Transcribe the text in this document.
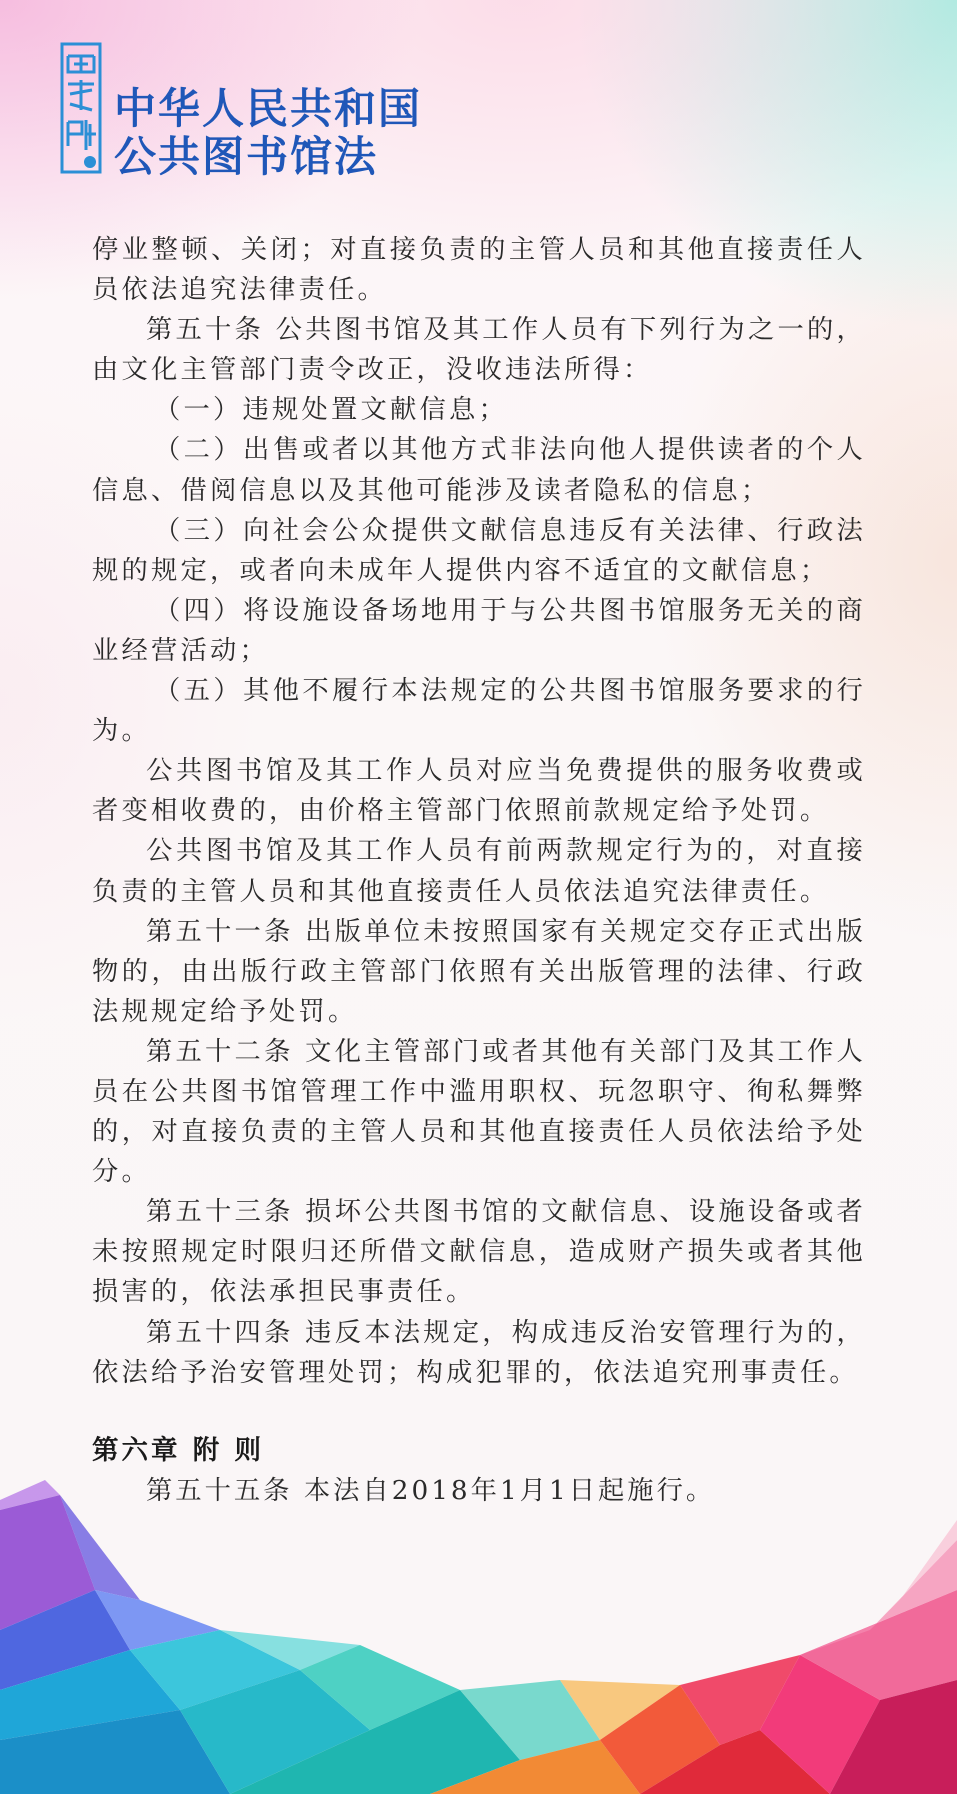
中华人民共和国
公共图书馆法

停业整顿、关闭；对直接负责的主管人员和其他直接责任人员依法追究法律责任。

第五十条 公共图书馆及其工作人员有下列行为之一的，由文化主管部门责令改正，没收违法所得：

（一）违规处置文献信息；

（二）出售或者以其他方式非法向他人提供读者的个人信息、借阅信息以及其他可能涉及读者隐私的信息；

（三）向社会公众提供文献信息违反有关法律、行政法规的规定，或者向未成年人提供内容不适宜的文献信息；

（四）将设施设备场地用于与公共图书馆服务无关的商业经营活动；

（五）其他不履行本法规定的公共图书馆服务要求的行为。

公共图书馆及其工作人员对应当免费提供的服务收费或者变相收费的，由价格主管部门依照前款规定给予处罚。

公共图书馆及其工作人员有前两款规定行为的，对直接负责的主管人员和其他直接责任人员依法追究法律责任。

第五十一条 出版单位未按照国家有关规定交存正式出版物的，由出版行政主管部门依照有关出版管理的法律、行政法规规定给予处罚。

第五十二条 文化主管部门或者其他有关部门及其工作人员在公共图书馆管理工作中滥用职权、玩忽职守、徇私舞弊的，对直接负责的主管人员和其他直接责任人员依法给予处分。

第五十三条 损坏公共图书馆的文献信息、设施设备或者未按照规定时限归还所借文献信息，造成财产损失或者其他损害的，依法承担民事责任。

第五十四条 违反本法规定，构成违反治安管理行为的，依法给予治安管理处罚；构成犯罪的，依法追究刑事责任。

第六章 附 则
第五十五条 本法自2018年1月1日起施行。
